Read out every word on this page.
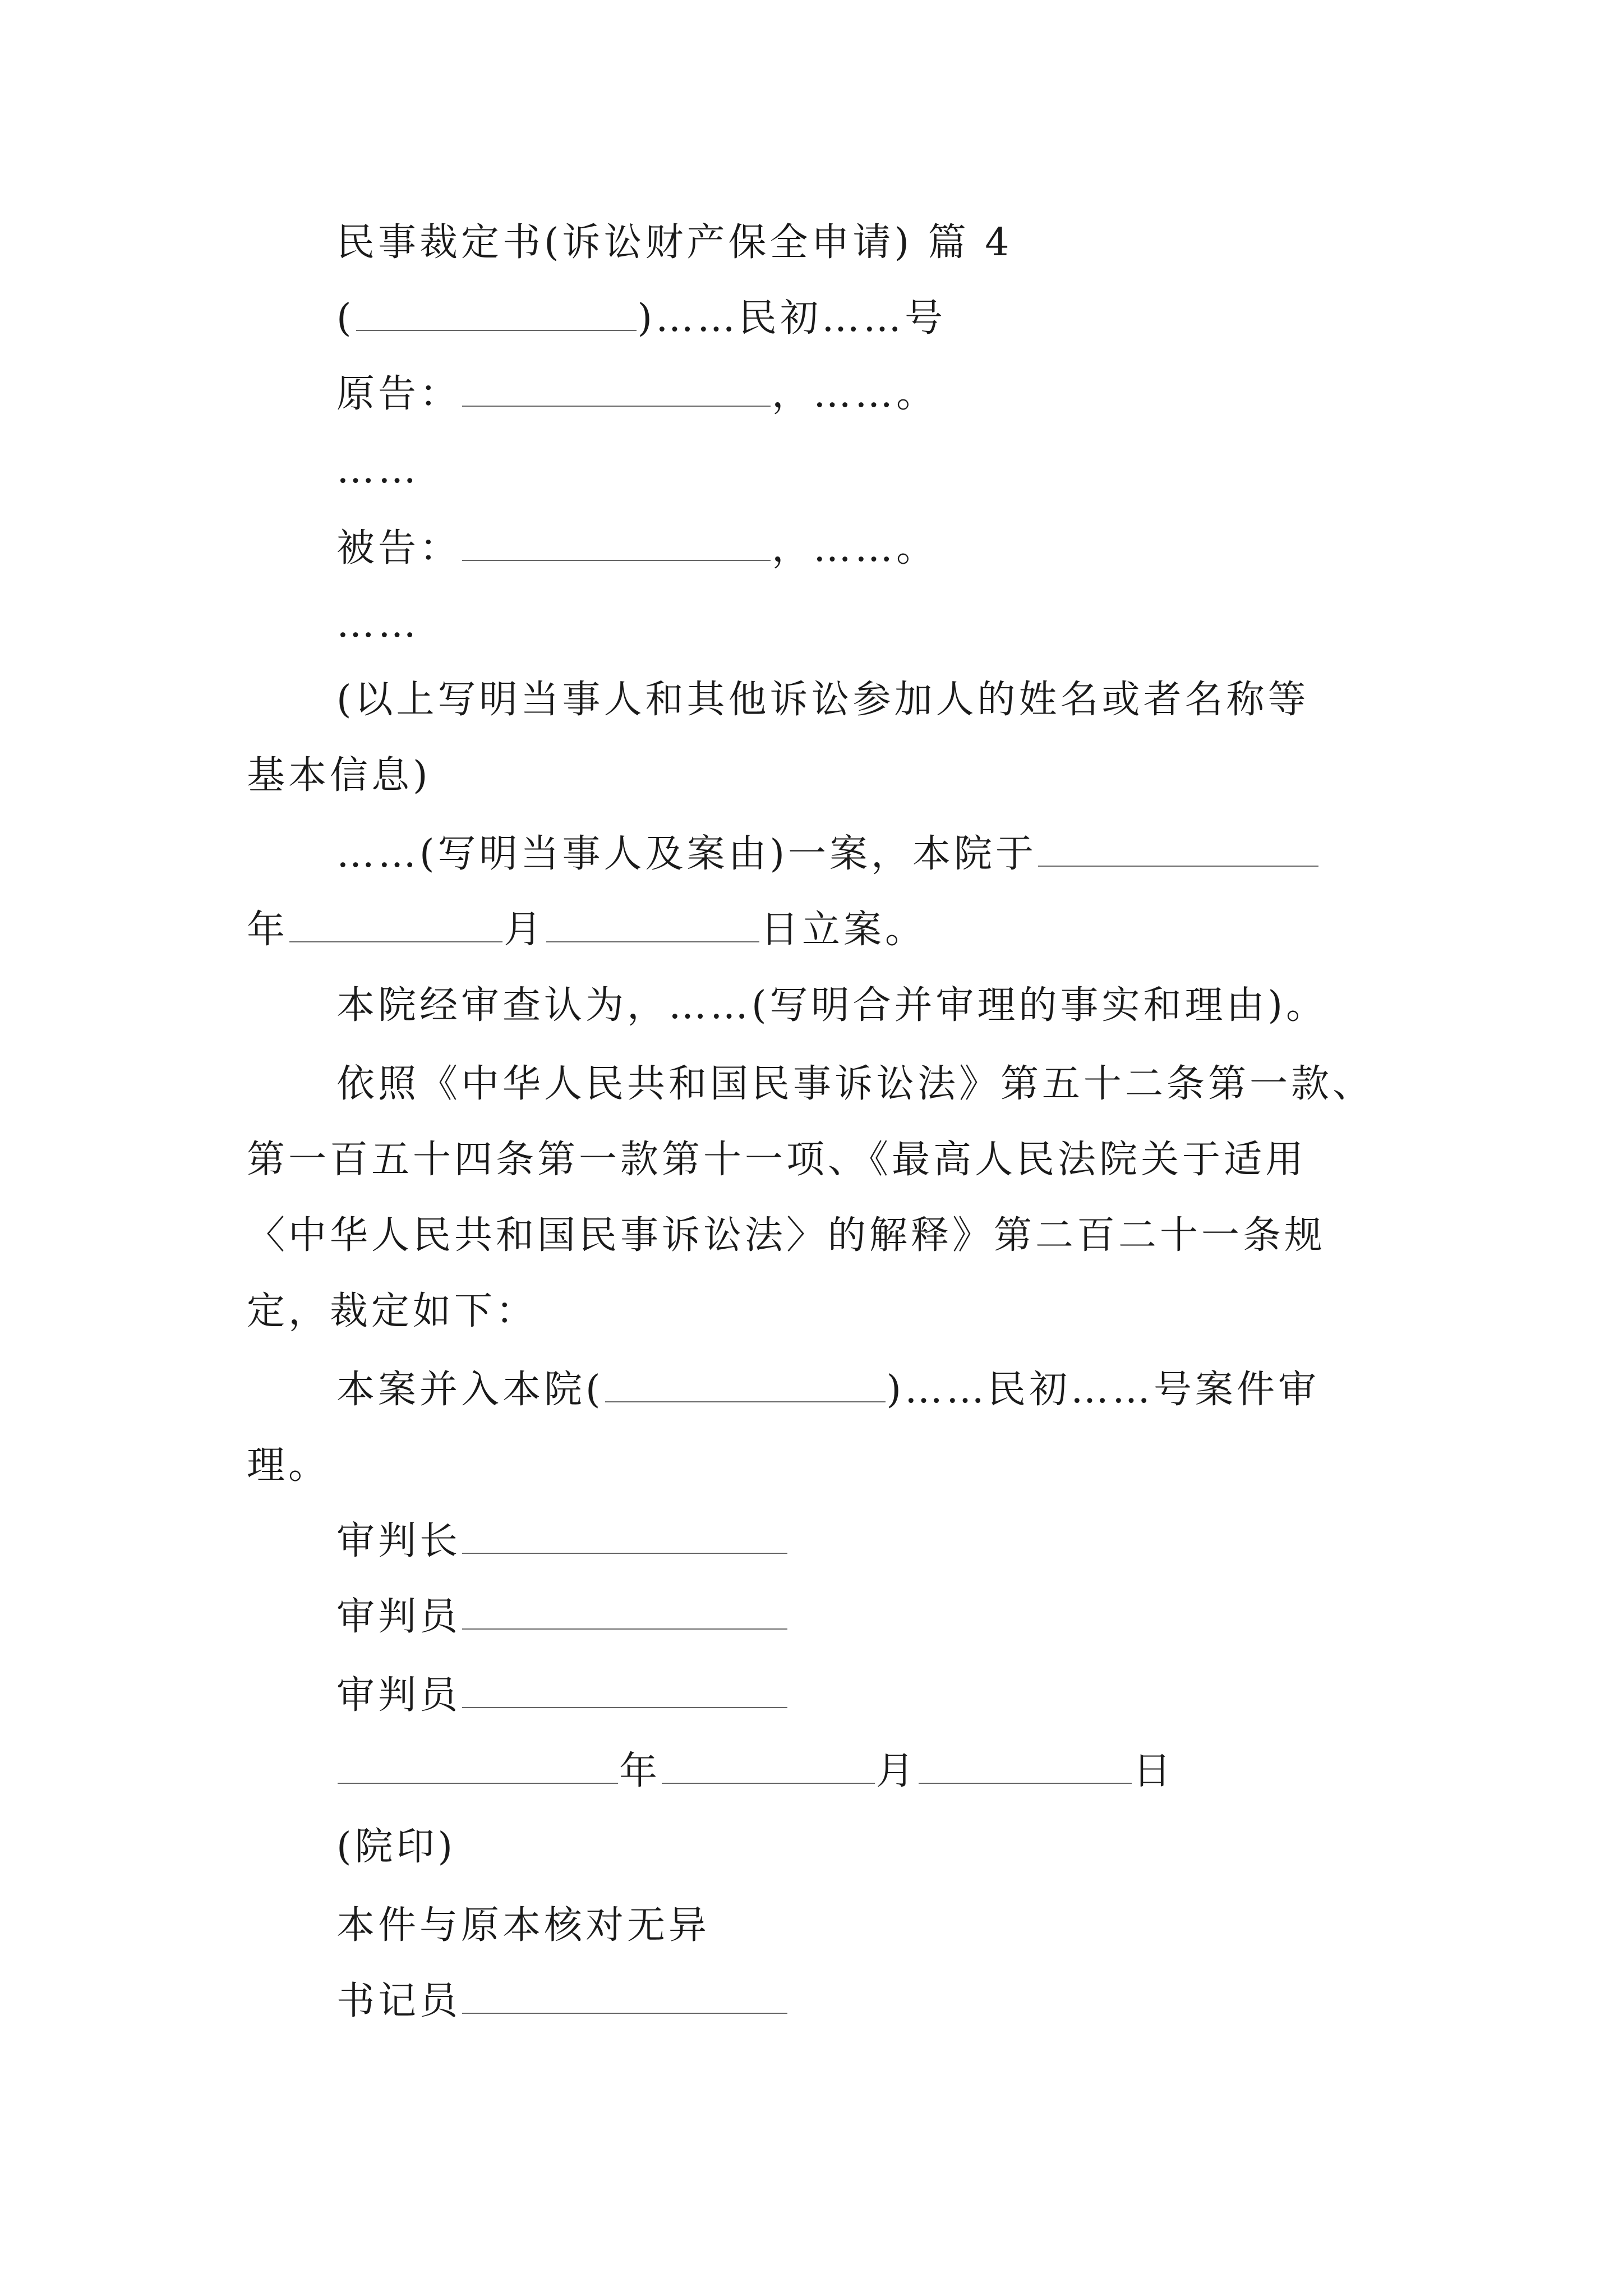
民事裁定书(诉讼财产保全申请) 篇 4
(	)……民初……号
原告：	，……。
……
被告：	，……。
……
(以上写明当事人和其他诉讼参加人的姓名或者名称等
基本信息)
……(写明当事人及案由)一案，本院于
年	月	日立案。
本院经审查认为，……(写明合并审理的事实和理由)。
依照《中华人民共和国民事诉讼法》第五十二条第一款、
第一百五十四条第一款第十一项、《最高人民法院关于适用
〈中华人民共和国民事诉讼法〉的解释》第二百二十一条规
定，裁定如下：
本案并入本院(	)……民初……号案件审
理。
审判长
审判员
审判员
年	月	日
(院印)
本件与原本核对无异
书记员
